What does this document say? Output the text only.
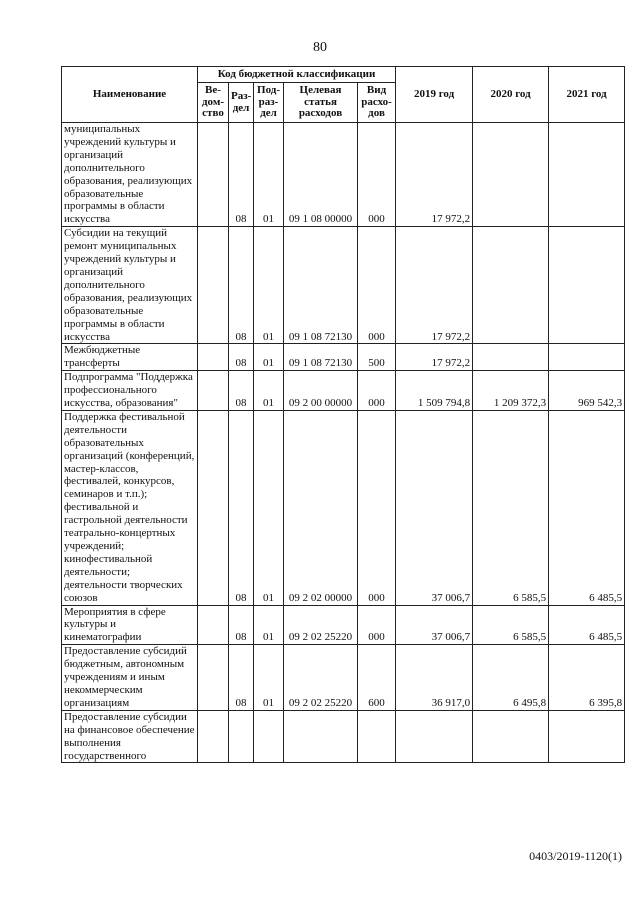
80
Наименование	Код бюджетной классификации					2019 год	2020 год	2021 год
	Ве-дом-ство	Раз-дел	Под-раз-дел	Целевая статья расходов	Вид расхо-дов			
муниципальных учреждений культуры и организаций дополнительного образования, реализующих образовательные программы в области искусства		08	01	09 1 08 00000	000	17 972,2		
Субсидии на текущий ремонт муниципальных учреждений культуры и организаций дополнительного образования, реализующих образовательные программы в области искусства		08	01	09 1 08 72130	000	17 972,2		
Межбюджетные трансферты		08	01	09 1 08 72130	500	17 972,2		
Подпрограмма "Поддержка профессионального искусства, образования"		08	01	09 2 00 00000	000	1 509 794,8	1 209 372,3	969 542,3
Поддержка фестивальной деятельности образовательных организаций (конференций, мастер-классов, фестивалей, конкурсов, семинаров и т.п.); фестивальной и гастрольной деятельности театрально-концертных учреждений; кинофестивальной деятельности; деятельности творческих союзов		08	01	09 2 02 00000	000	37 006,7	6 585,5	6 485,5
Мероприятия в сфере культуры и кинематографии		08	01	09 2 02 25220	000	37 006,7	6 585,5	6 485,5
Предоставление субсидий бюджетным, автономным учреждениям и иным некоммерческим организациям		08	01	09 2 02 25220	600	36 917,0	6 495,8	6 395,8
Предоставление субсидии на финансовое обеспечение выполнения государственного								
0403/2019-1120(1)
